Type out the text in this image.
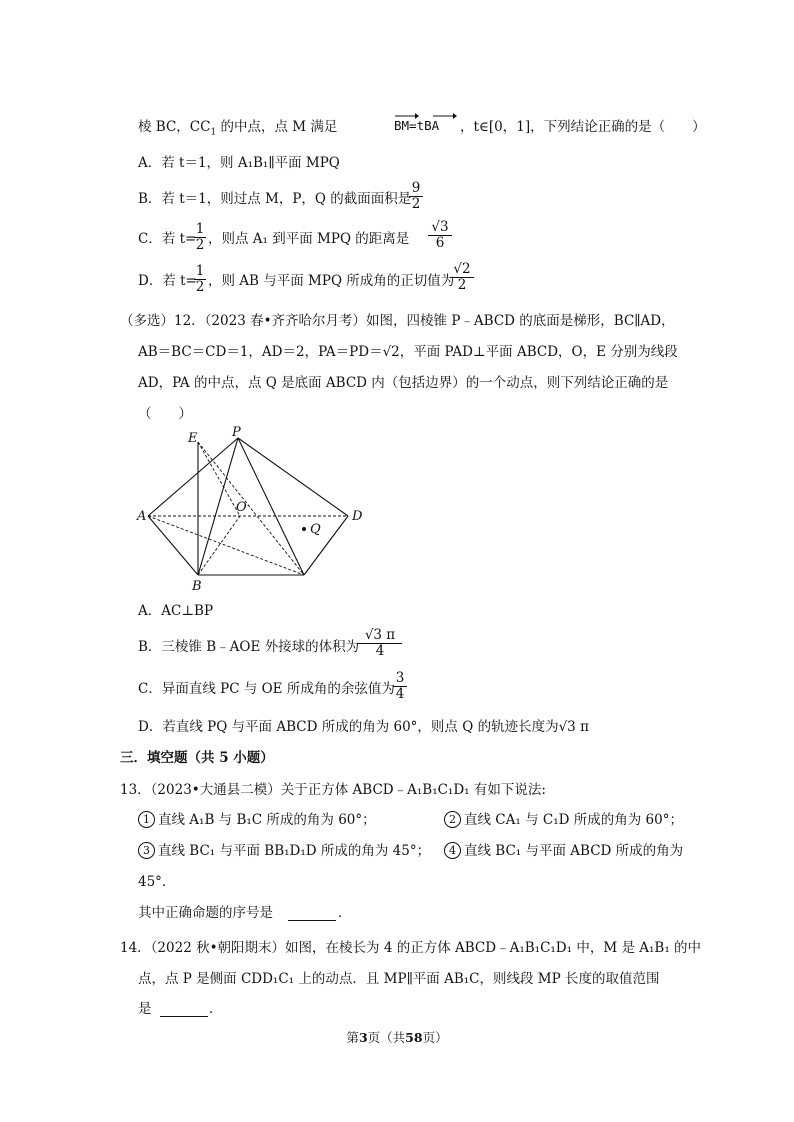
棱 BC，$CC_1$ 的中点，点 M 满足	BM=tBA ，t∈[0，1]，下列结论正确的是（　　）
A．若 t＝1，则 A₁B₁∥平面 MPQ
B．若 t＝1，则过点 M，P，Q 的截面面积是
$\frac{9}{2}$
C．若 t=
$\frac{1}{2}$ ，则点 A₁ 到平面 MPQ 的距离是 $\frac{√3}{6}$
D．若 t=
$\frac{1}{2}$ ，则 AB 与平面 MPQ 所成角的正切值为
$\frac{√2}{2}$
（多选）12．（2023 春•齐齐哈尔月考）如图，四棱锥 P﹣ABCD 的底面是梯形，BC∥AD，
AB＝BC＝CD＝1，AD＝2，PA＝PD＝√2，平面 PAD⊥平面 ABCD，O，E 分别为线段
AD，PA 的中点，点 Q 是底面 ABCD 内（包括边界）的一个动点，则下列结论正确的是
（　　）
P
E
A
O
D
Q
B
A．AC⊥BP
B．三棱锥 B﹣AOE 外接球的体积为
$\frac{√3 \pi}{4}$
C．异面直线 PC 与 OE 所成角的余弦值为
$\frac{3}{4}$
D．若直线 PQ 与平面 ABCD 所成的角为 60°，则点 Q 的轨迹长度为√3 π
三．填空题（共 5 小题）
13．（2023•大通县二模）关于正方体 ABCD﹣A₁B₁C₁D₁ 有如下说法:
1 直线 A₁B 与 B₁C 所成的角为 60°；	2 直线 CA₁ 与 C₁D 所成的角为 60°；
3 直线 BC₁ 与平面 BB₁D₁D 所成的角为 45°；	4 直线 BC₁ 与平面 ABCD 所成的角为
45°．
其中正确命题的序号是	．
14．（2022 秋•朝阳期末）如图，在棱长为 4 的正方体 ABCD﹣A₁B₁C₁D₁ 中，M 是 A₁B₁ 的中
点，点 P 是侧面 CDD₁C₁ 上的动点．且 MP∥平面 AB₁C，则线段 MP 长度的取值范围
是	．
第3页（共58页）
